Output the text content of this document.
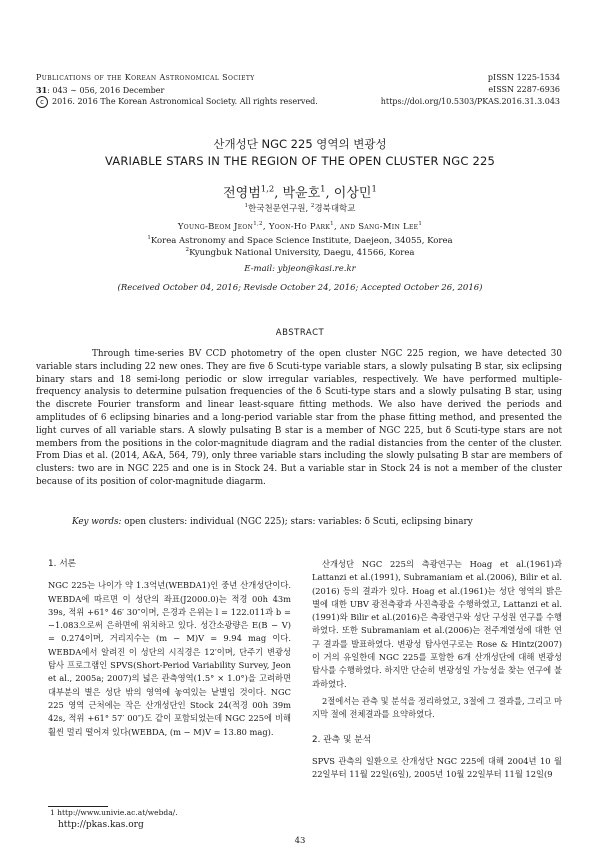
Publications of the Korean Astronomical Society
31: 043 ∼ 056, 2016 December
c 2016. 2016 The Korean Astronomical Society. All rights reserved.
pISSN 1225-1534
eISSN 2287-6936
https://doi.org/10.5303/PKAS.2016.31.3.043
산개성단 NGC 225 영역의 변광성
VARIABLE STARS IN THE REGION OF THE OPEN CLUSTER NGC 225
전영범$^{1,2}$, 박윤호$^1$, 이상민$^1$
$^1$한국천문연구원, $^2$경북대학교
Young-Beom Jeon$^{1,2}$, Yoon-Ho Park$^1$, and Sang-Min Lee$^1$
$^1$Korea Astronomy and Space Science Institute, Daejeon, 34055, Korea
$^2$Kyungbuk National University, Daegu, 41566, Korea
E-mail: ybjeon@kasi.re.kr
(Received October 04, 2016; Revisde October 24, 2016; Accepted October 26, 2016)
ABSTRACT
Through time-series BV CCD photometry of the open cluster NGC 225 region, we have detected 30 variable stars including 22 new ones. They are five δ Scuti-type variable stars, a slowly pulsating B star, six eclipsing binary stars and 18 semi-long periodic or slow irregular variables, respectively. We have performed multiple-frequency analysis to determine pulsation frequencies of the δ Scuti-type stars and a slowly pulsating B star, using the discrete Fourier transform and linear least-square fitting methods. We also have derived the periods and amplitudes of 6 eclipsing binaries and a long-period variable star from the phase fitting method, and presented the light curves of all variable stars. A slowly pulsating B star is a member of NGC 225, but δ Scuti-type stars are not members from the positions in the color-magnitude diagram and the radial distancies from the center of the cluster. From Dias et al. (2014, A&A, 564, 79), only three variable stars including the slowly pulsating B star are members of clusters: two are in NGC 225 and one is in Stock 24. But a variable star in Stock 24 is not a member of the cluster because of its position of color-magnitude diagarm.
Key words: open clusters: individual (NGC 225); stars: variables: δ Scuti, eclipsing binary
1. 서론

NGC 225는 나이가 약 1.3억년(WEBDA1)인 중년 산개성단이다. WEBDA에 따르면 이 성단의 좌표(J2000.0)는 적경 00h 43m 39s, 적위 +61° 46′ 30″이며, 은경과 은위는 l = 122.011과 b = −1.083으로써 은하면에 위치하고 있다. 성간소광량은 E(B − V) = 0.274이며, 거리지수는 (m − M)V = 9.94 mag 이다. WEBDA에서 알려진 이 성단의 시직경은 12′이며, 단주기 변광성 탐사 프로그램인 SPVS(Short-Period Variability Survey, Jeon et al., 2005a; 2007)의 넓은 관측영역(1.5° × 1.0°)을 고려하면 대부분의 별은 성단 밖의 영역에 놓여있는 낱별임 것이다. NGC 225 영역 근처에는 작은 산개성단인 Stock 24(적경 00h 39m 42s, 적위 +61° 57′ 00″)도 같이 포함되었는데 NGC 225에 비해 훨씬 멀리 떨어져 있다(WEBDA, (m − M)V = 13.80 mag).

산개성단 NGC 225의 측광연구는 Hoag et al.(1961)과 Lattanzi et al.(1991), Subramaniam et al.(2006), Bilir et al.(2016) 등의 결과가 있다. Hoag et al.(1961)는 성단 영역의 밝은 별에 대한 UBV 광전측광과 사진측광을 수행하였고, Lattanzi et al.(1991)와 Bilir et al.(2016)은 측광연구와 성단 구성원 연구를 수행하였다. 또한 Subramaniam et al.(2006)는 전주계열성에 대한 연구 결과를 발표하였다. 변광성 탐사연구로는 Rose & Hintz(2007)이 거의 유일한데 NGC 225를 포함한 6개 산개성단에 대해 변광성 탐사를 수행하였다. 하지만 단순히 변광성일 가능성을 찾는 연구에 불과하였다.

2절에서는 관측 및 분석을 정리하였고, 3절에 그 결과를, 그리고 마지막 절에 전체결과를 요약하였다.

2. 관측 및 분석

SPVS 관측의 일환으로 산개성단 NGC 225에 대해 2004년 10 월 22일부터 11월 22일(6일), 2005년 10월 22일부터 11월 12일(9

1 http://www.univie.ac.at/webda/.
http://pkas.kas.org
43
